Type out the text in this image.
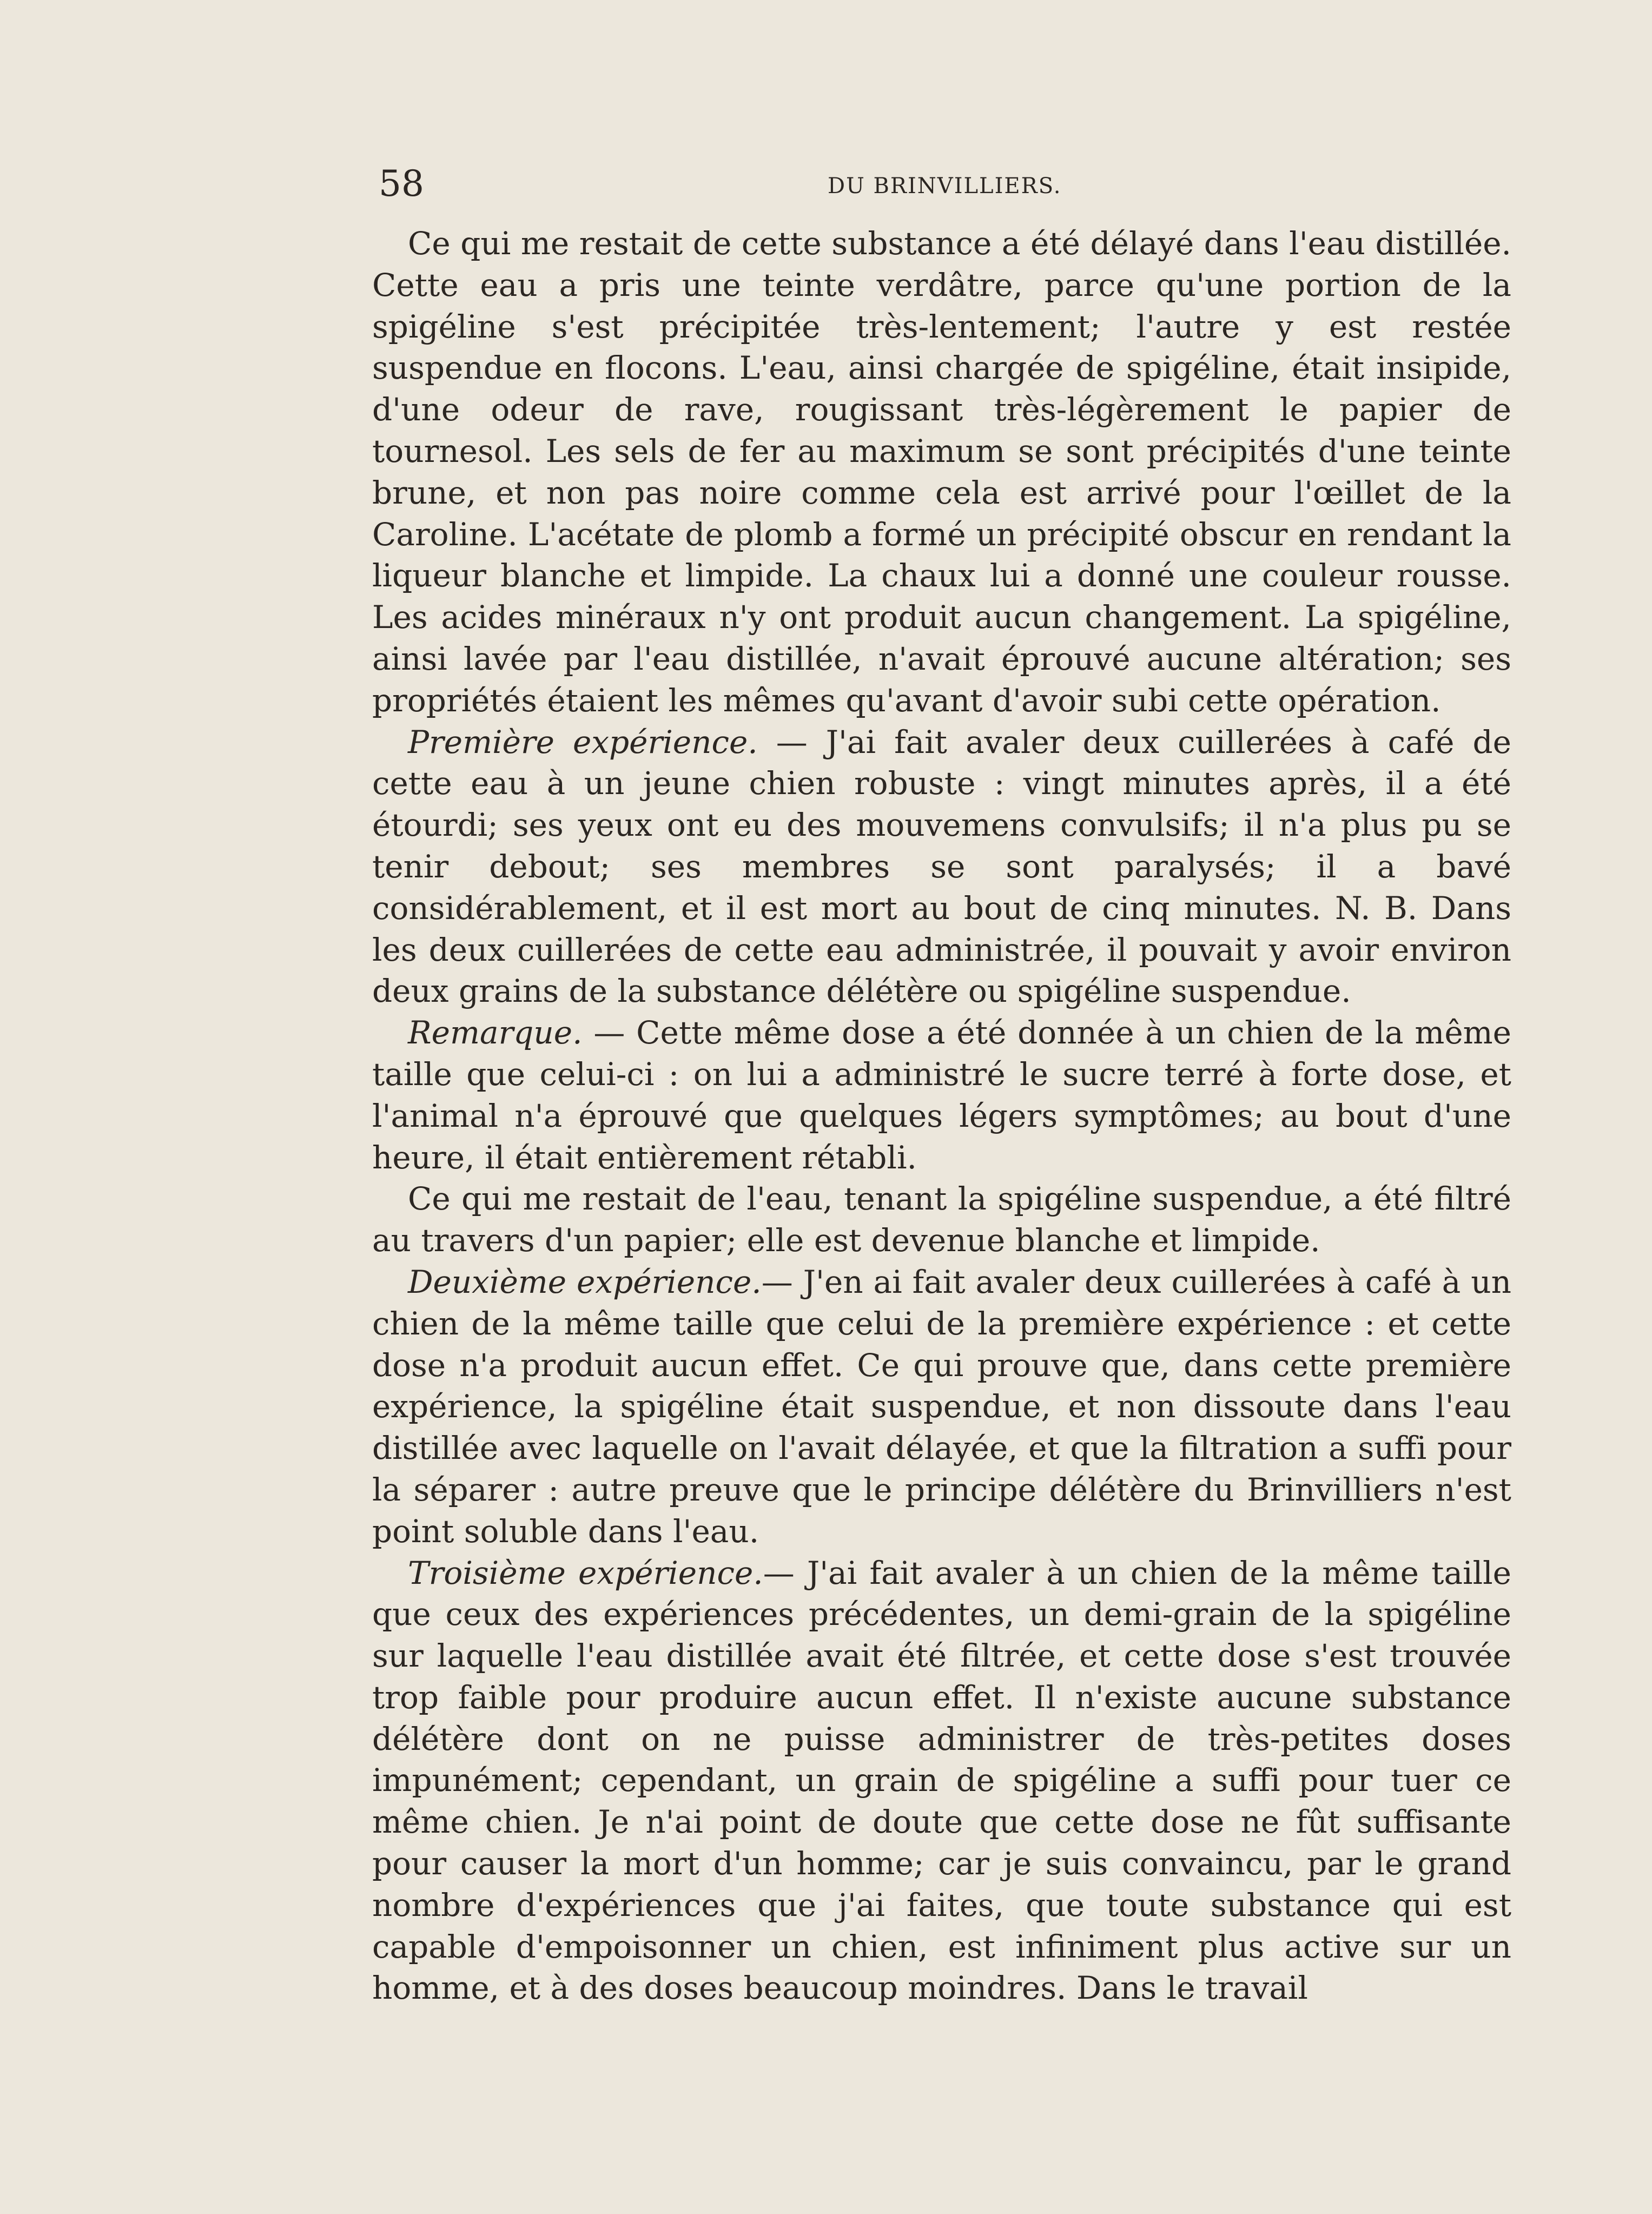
58	DU BRINVILLIERS.

Ce qui me restait de cette substance a été délayé dans l'eau distillée. Cette eau a pris une teinte verdâtre, parce qu'une portion de la spigéline s'est précipitée très-lentement; l'autre y est restée suspendue en flocons. L'eau, ainsi chargée de spigéline, était insipide, d'une odeur de rave, rougissant très-légèrement le papier de tournesol. Les sels de fer au maximum se sont précipités d'une teinte brune, et non pas noire comme cela est arrivé pour l'œillet de la Caroline. L'acétate de plomb a formé un précipité obscur en rendant la liqueur blanche et limpide. La chaux lui a donné une couleur rousse. Les acides minéraux n'y ont produit aucun changement. La spigéline, ainsi lavée par l'eau distillée, n'avait éprouvé aucune altération; ses propriétés étaient les mêmes qu'avant d'avoir subi cette opération.

Première expérience. — J'ai fait avaler deux cuillerées à café de cette eau à un jeune chien robuste : vingt minutes après, il a été étourdi; ses yeux ont eu des mouvemens convulsifs; il n'a plus pu se tenir debout; ses membres se sont paralysés; il a bavé considérablement, et il est mort au bout de cinq minutes. N. B. Dans les deux cuillerées de cette eau administrée, il pouvait y avoir environ deux grains de la substance délétère ou spigéline suspendue.

Remarque. — Cette même dose a été donnée à un chien de la même taille que celui-ci : on lui a administré le sucre terré à forte dose, et l'animal n'a éprouvé que quelques légers symptômes; au bout d'une heure, il était entièrement rétabli.

Ce qui me restait de l'eau, tenant la spigéline suspendue, a été filtré au travers d'un papier; elle est devenue blanche et limpide.

Deuxième expérience.— J'en ai fait avaler deux cuillerées à café à un chien de la même taille que celui de la première expérience : et cette dose n'a produit aucun effet. Ce qui prouve que, dans cette première expérience, la spigéline était suspendue, et non dissoute dans l'eau distillée avec laquelle on l'avait délayée, et que la filtration a suffi pour la séparer : autre preuve que le principe délétère du Brinvilliers n'est point soluble dans l'eau.

Troisième expérience.— J'ai fait avaler à un chien de la même taille que ceux des expériences précédentes, un demi-grain de la spigéline sur laquelle l'eau distillée avait été filtrée, et cette dose s'est trouvée trop faible pour produire aucun effet. Il n'existe aucune substance délétère dont on ne puisse administrer de très-petites doses impunément; cependant, un grain de spigéline a suffi pour tuer ce même chien. Je n'ai point de doute que cette dose ne fût suffisante pour causer la mort d'un homme; car je suis convaincu, par le grand nombre d'expériences que j'ai faites, que toute substance qui est capable d'empoisonner un chien, est infiniment plus active sur un homme, et à des doses beaucoup moindres. Dans le travail
